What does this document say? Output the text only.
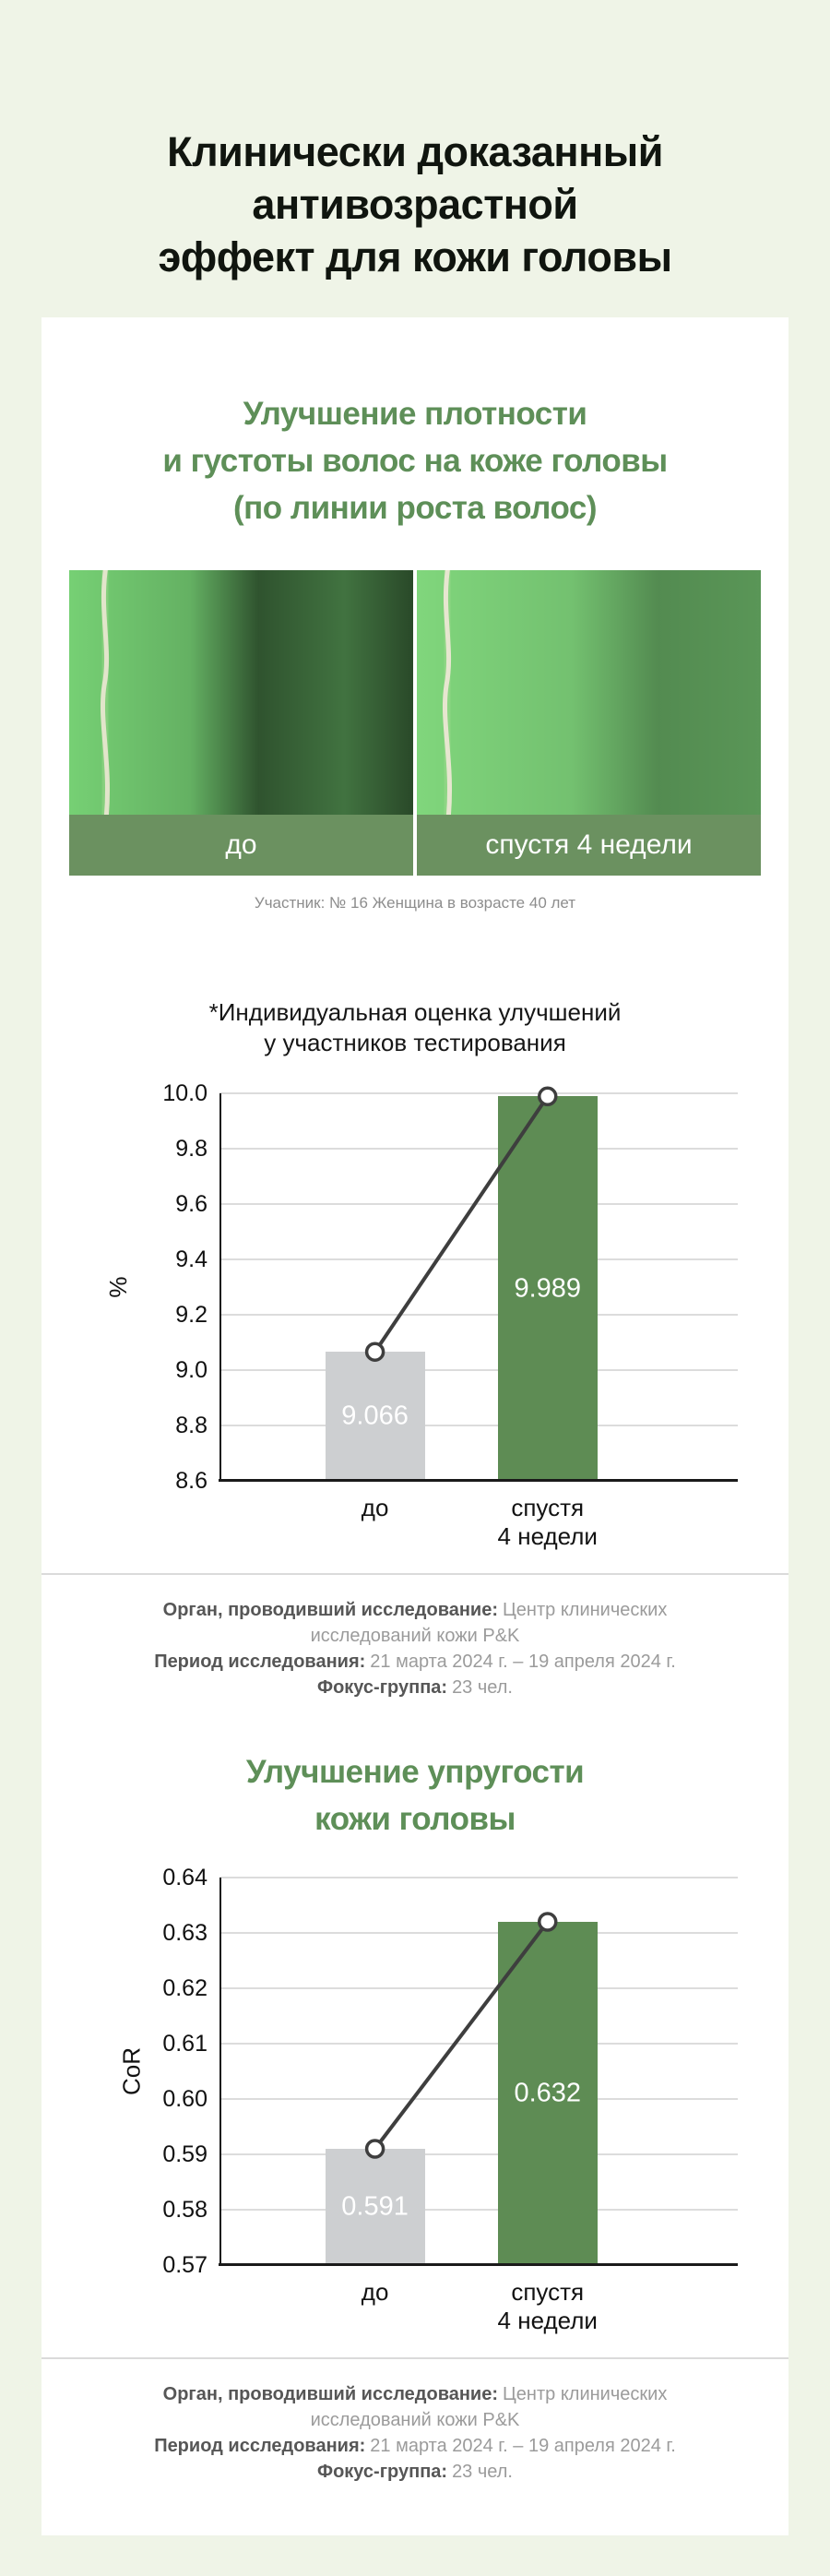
Клинически доказанный
антивозрастной
эффект для кожи головы
Улучшение плотности
и густоты волос на коже головы
(по линии роста волос)
до	спустя 4 недели
Участник: № 16 Женщина в возрасте 40 лет
*Индивидуальная оценка улучшений
у участников тестирования
%
10.0
9.8
9.6
9.4
9.2
9.0
8.8
8.6
9.066
9.989
до	спустя
4 недели
Орган, проводивший исследование: Центр клинических исследований кожи P&K
Период исследования: 21 марта 2024 г. – 19 апреля 2024 г.
Фокус-группа: 23 чел.
Улучшение упругости
кожи головы
CoR
0.64
0.63
0.62
0.61
0.60
0.59
0.58
0.57
0.591
0.632
до	спустя
4 недели
Орган, проводивший исследование: Центр клинических исследований кожи P&K
Период исследования: 21 марта 2024 г. – 19 апреля 2024 г.
Фокус-группа: 23 чел.
